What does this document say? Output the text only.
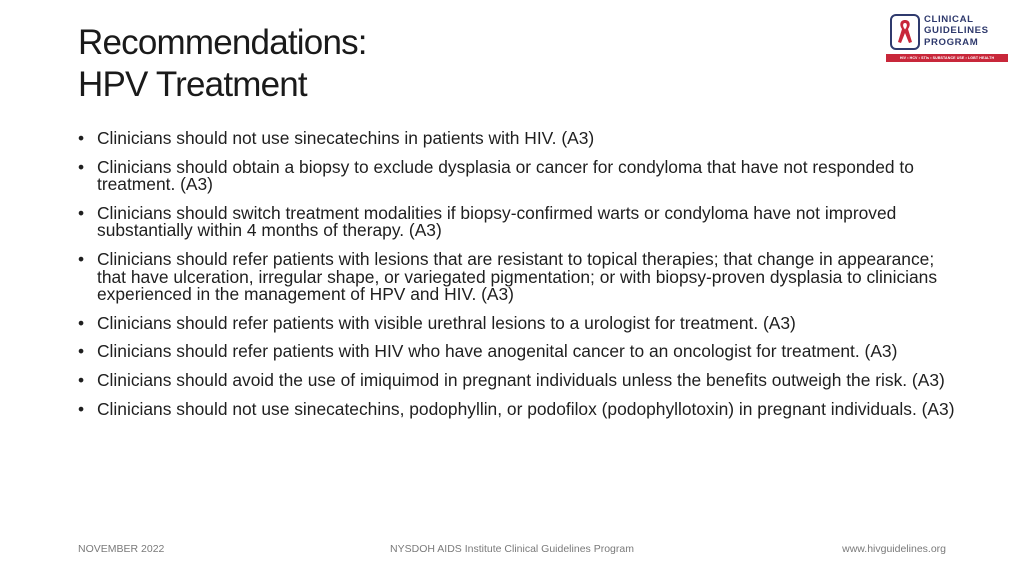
Recommendations:
HPV Treatment
CLINICAL
GUIDELINES
PROGRAM
HIV • HCV • STIs • SUBSTANCE USE • LGBT HEALTH
• Clinicians should not use sinecatechins in patients with HIV. (A3)
• Clinicians should obtain a biopsy to exclude dysplasia or cancer for condyloma that have not responded to treatment. (A3)
• Clinicians should switch treatment modalities if biopsy-confirmed warts or condyloma have not improved substantially within 4 months of therapy. (A3)
• Clinicians should refer patients with lesions that are resistant to topical therapies; that change in appearance; that have ulceration, irregular shape, or variegated pigmentation; or with biopsy-proven dysplasia to clinicians experienced in the management of HPV and HIV. (A3)
• Clinicians should refer patients with visible urethral lesions to a urologist for treatment. (A3)
• Clinicians should refer patients with HIV who have anogenital cancer to an oncologist for treatment. (A3)
• Clinicians should avoid the use of imiquimod in pregnant individuals unless the benefits outweigh the risk. (A3)
• Clinicians should not use sinecatechins, podophyllin, or podofilox (podophyllotoxin) in pregnant individuals. (A3)
NOVEMBER 2022	NYSDOH AIDS Institute Clinical Guidelines Program	www.hivguidelines.org
